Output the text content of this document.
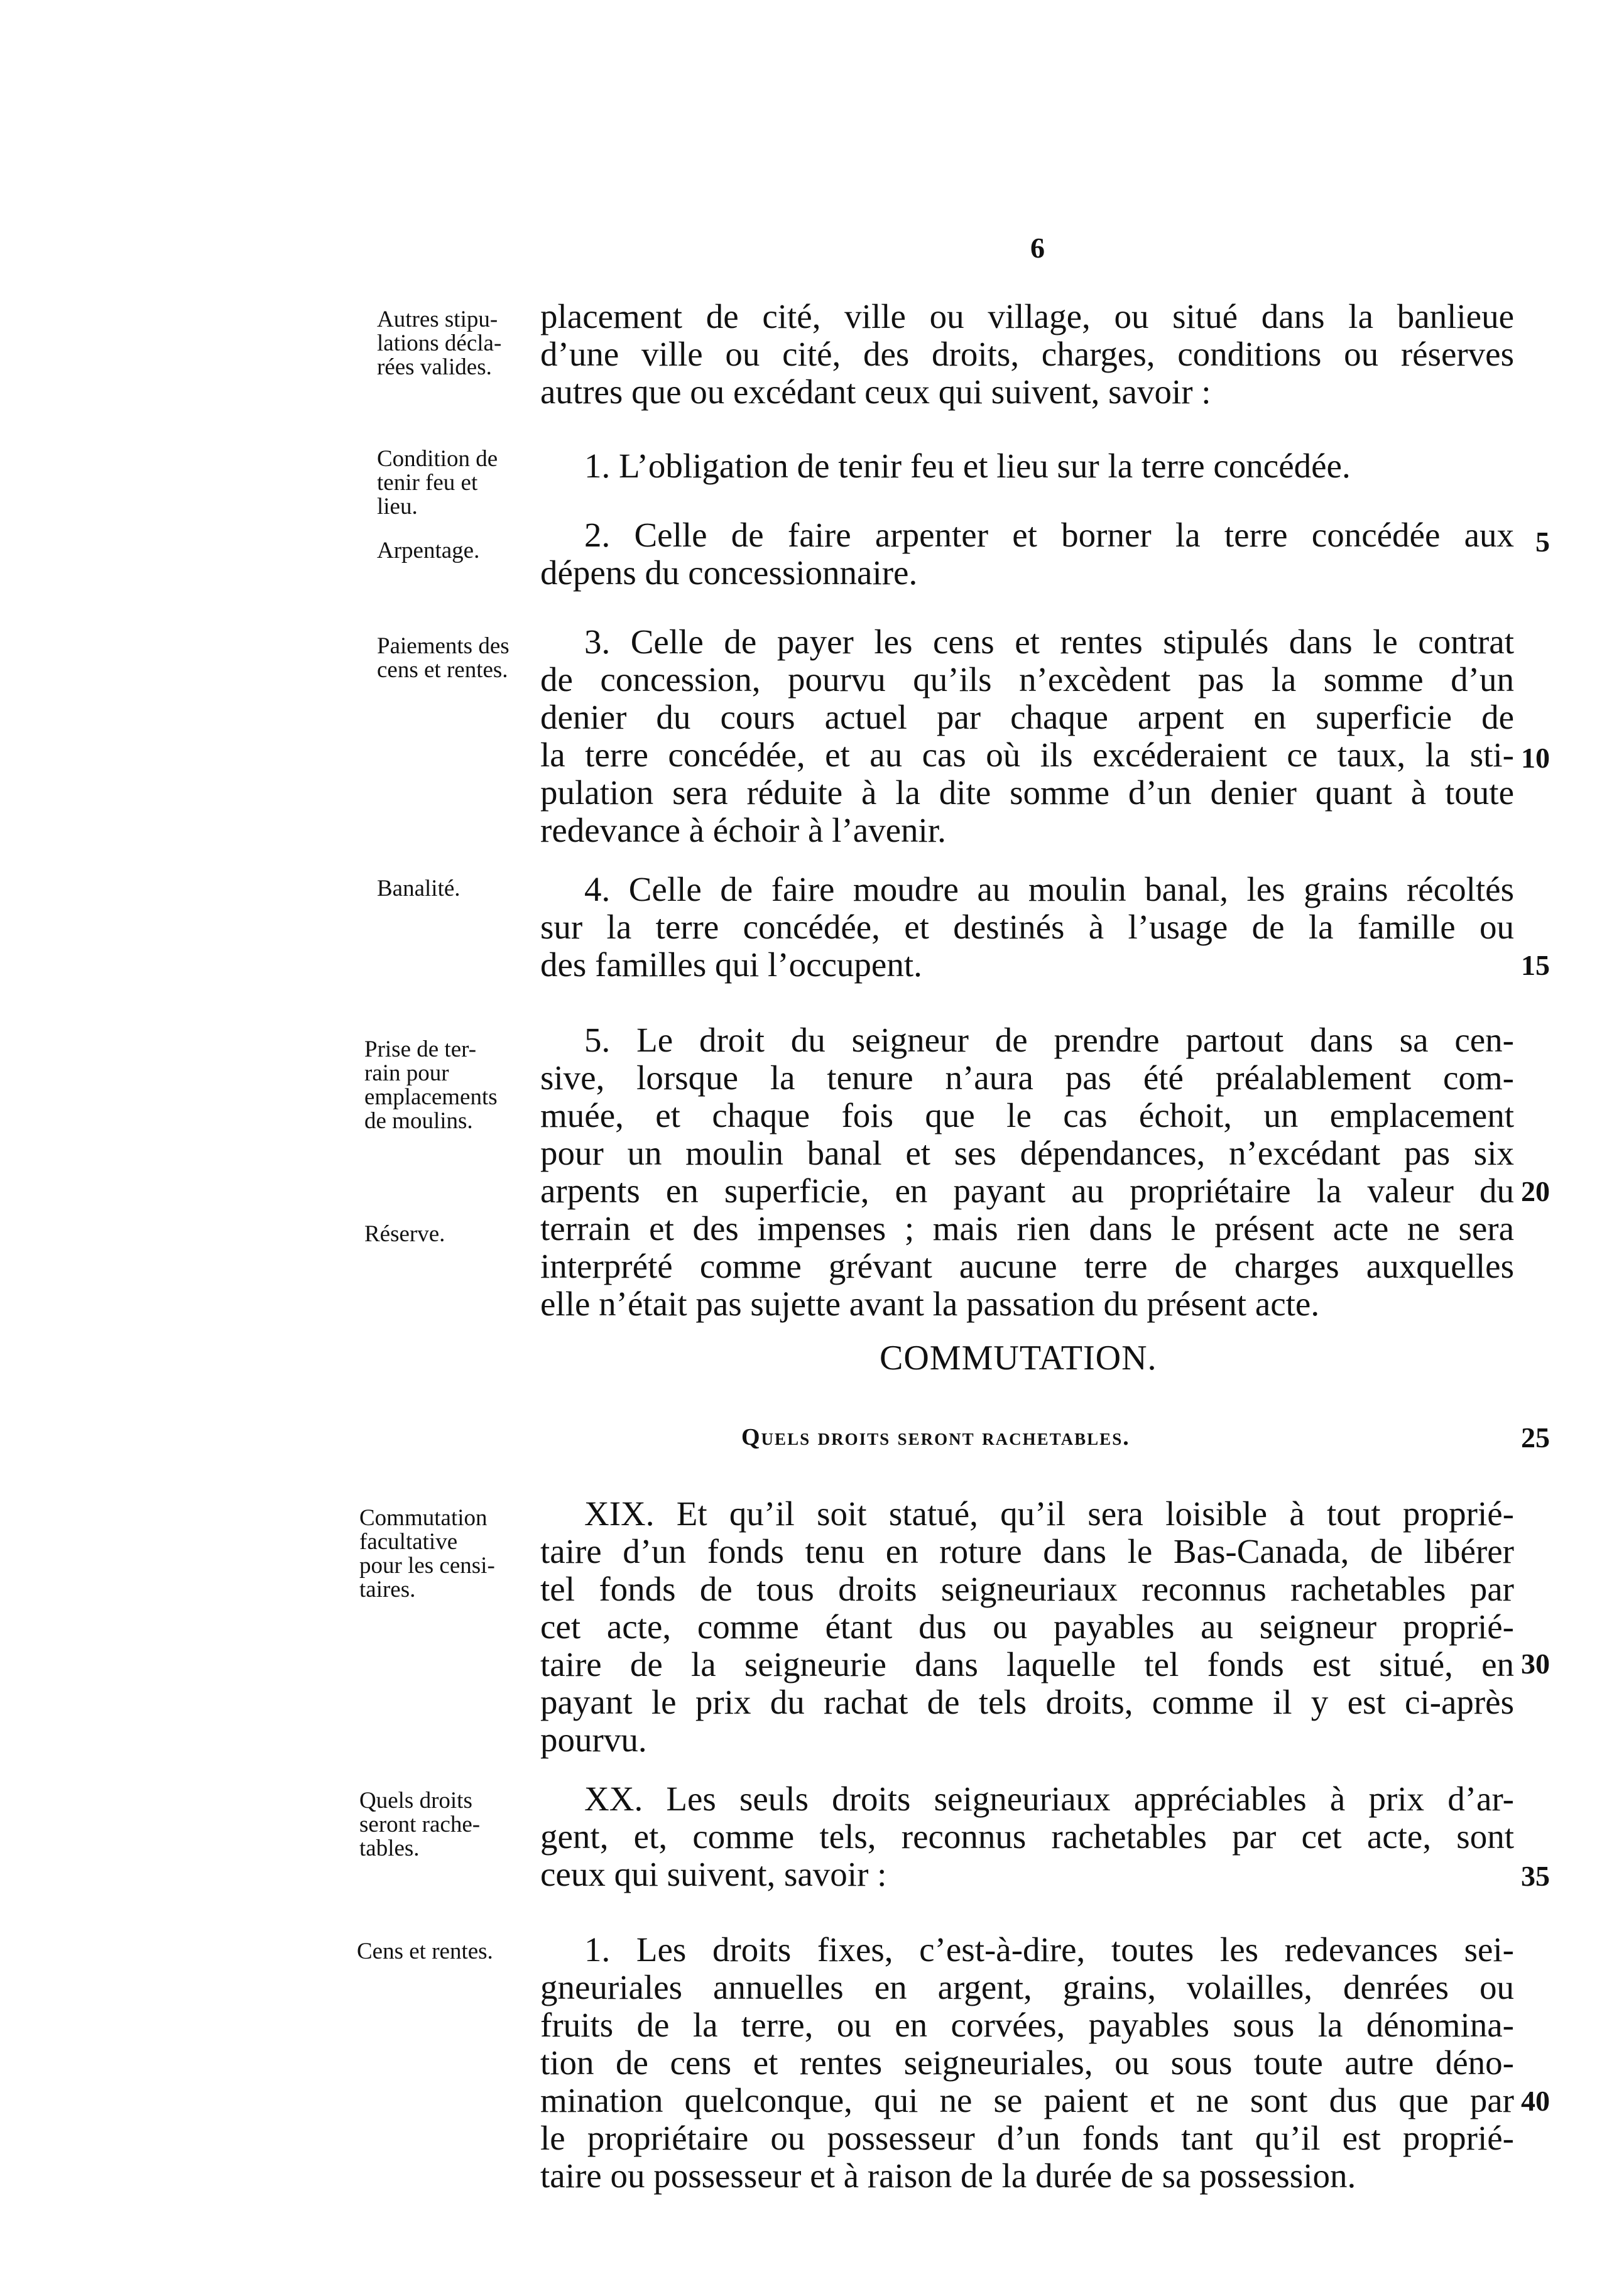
6
Autres stipu-
lations décla-
rées valides.
Condition de
tenir feu et
lieu.
Arpentage.
Paiements des
cens et rentes.
Banalité.
Prise de ter-
rain pour
emplacements
de moulins.
Réserve.
Commutation
facultative
pour les censi-
taires.
Quels droits
seront rache-
tables.
Cens et rentes.
placement de cité, ville ou village, ou situé dans la banlieue
d’une ville ou cité, des droits, charges, conditions ou réserves
autres que ou excédant ceux qui suivent, savoir :
1. L’obligation de tenir feu et lieu sur la terre concédée.
2. Celle de faire arpenter et borner la terre concédée aux
dépens du concessionnaire.
3. Celle de payer les cens et rentes stipulés dans le contrat
de concession, pourvu qu’ils n’excèdent pas la somme d’un
denier du cours actuel par chaque arpent en superficie de
la terre concédée, et au cas où ils excéderaient ce taux, la sti-
pulation sera réduite à la dite somme d’un denier quant à toute
redevance à échoir à l’avenir.
4. Celle de faire moudre au moulin banal, les grains récoltés
sur la terre concédée, et destinés à l’usage de la famille ou
des familles qui l’occupent.
5. Le droit du seigneur de prendre partout dans sa cen-
sive, lorsque la tenure n’aura pas été préalablement com-
muée, et chaque fois que le cas échoit, un emplacement
pour un moulin banal et ses dépendances, n’excédant pas six
arpents en superficie, en payant au propriétaire la valeur du
terrain et des impenses ; mais rien dans le présent acte ne sera
interprété comme grévant aucune terre de charges auxquelles
elle n’était pas sujette avant la passation du présent acte.
COMMUTATION.
Quels droits seront rachetables.
XIX. Et qu’il soit statué, qu’il sera loisible à tout proprié-
taire d’un fonds tenu en roture dans le Bas-Canada, de libérer
tel fonds de tous droits seigneuriaux reconnus rachetables par
cet acte, comme étant dus ou payables au seigneur proprié-
taire de la seigneurie dans laquelle tel fonds est situé, en
payant le prix du rachat de tels droits, comme il y est ci-après
pourvu.
XX. Les seuls droits seigneuriaux appréciables à prix d’ar-
gent, et, comme tels, reconnus rachetables par cet acte, sont
ceux qui suivent, savoir :
1. Les droits fixes, c’est-à-dire, toutes les redevances sei-
gneuriales annuelles en argent, grains, volailles, denrées ou
fruits de la terre, ou en corvées, payables sous la dénomina-
tion de cens et rentes seigneuriales, ou sous toute autre déno-
mination quelconque, qui ne se paient et ne sont dus que par
le propriétaire ou possesseur d’un fonds tant qu’il est proprié-
taire ou possesseur et à raison de la durée de sa possession.
5
10
15
20
25
30
35
40
